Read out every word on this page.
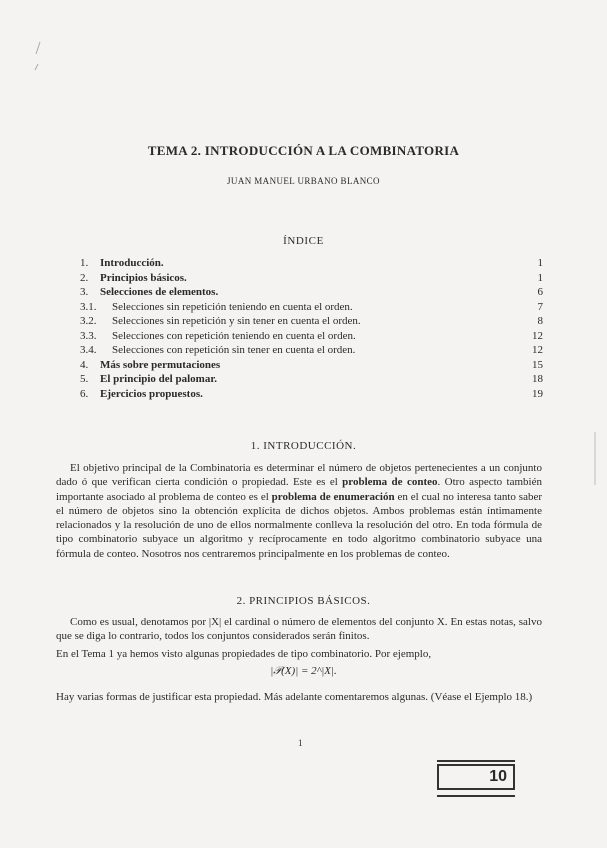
TEMA 2. INTRODUCCIÓN A LA COMBINATORIA
JUAN MANUEL URBANO BLANCO
ÍNDICE
1. Introducción.	1
2. Principios básicos.	1
3. Selecciones de elementos.	6
3.1. Selecciones sin repetición teniendo en cuenta el orden.	7
3.2. Selecciones sin repetición y sin tener en cuenta el orden.	8
3.3. Selecciones con repetición teniendo en cuenta el orden.	12
3.4. Selecciones con repetición sin tener en cuenta el orden.	12
4. Más sobre permutaciones	15
5. El principio del palomar.	18
6. Ejercicios propuestos.	19
1. INTRODUCCIÓN.
El objetivo principal de la Combinatoria es determinar el número de objetos pertenecientes a un conjunto dado ó que verifican cierta condición o propiedad. Este es el problema de conteo. Otro aspecto también importante asociado al problema de conteo es el problema de enumeración en el cual no interesa tanto saber el número de objetos sino la obtención explícita de dichos objetos. Ambos problemas están íntimamente relacionados y la resolución de uno de ellos normalmente conlleva la resolución del otro. En toda fórmula de tipo combinatorio subyace un algoritmo y recíprocamente en todo algoritmo combinatorio subyace una fórmula de conteo. Nosotros nos centraremos principalmente en los problemas de conteo.
2. PRINCIPIOS BÁSICOS.
Como es usual, denotamos por |X| el cardinal o número de elementos del conjunto X. En estas notas, salvo que se diga lo contrario, todos los conjuntos considerados serán finitos.
En el Tema 1 ya hemos visto algunas propiedades de tipo combinatorio. Por ejemplo,
|𝒫(X)| = 2^|X|.
Hay varias formas de justificar esta propiedad. Más adelante comentaremos algunas. (Véase el Ejemplo 18.)
1
10
